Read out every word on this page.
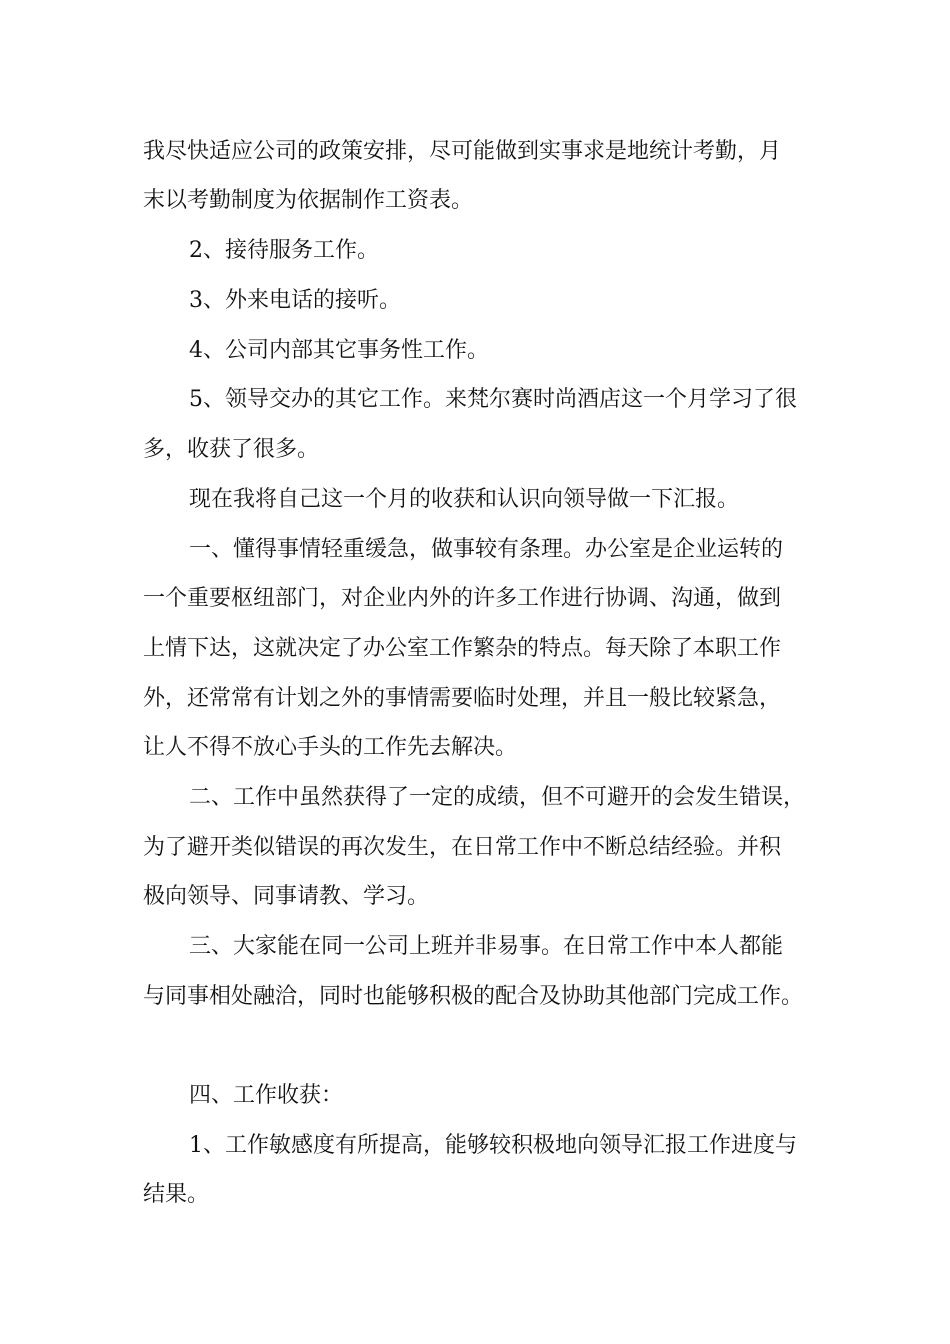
我尽快适应公司的政策安排，尽可能做到实事求是地统计考勤，月

末以考勤制度为依据制作工资表。

2、接待服务工作。

3、外来电话的接听。

4、公司内部其它事务性工作。

5、领导交办的其它工作。来梵尔赛时尚酒店这一个月学习了很

多，收获了很多。

现在我将自己这一个月的收获和认识向领导做一下汇报。

一、懂得事情轻重缓急，做事较有条理。办公室是企业运转的

一个重要枢纽部门，对企业内外的许多工作进行协调、沟通，做到

上情下达，这就决定了办公室工作繁杂的特点。每天除了本职工作

外，还常常有计划之外的事情需要临时处理，并且一般比较紧急，

让人不得不放心手头的工作先去解决。

二、工作中虽然获得了一定的成绩，但不可避开的会发生错误，

为了避开类似错误的再次发生，在日常工作中不断总结经验。并积

极向领导、同事请教、学习。

三、大家能在同一公司上班并非易事。在日常工作中本人都能

与同事相处融洽，同时也能够积极的配合及协助其他部门完成工作。

四、工作收获：

1、工作敏感度有所提高，能够较积极地向领导汇报工作进度与

结果。
